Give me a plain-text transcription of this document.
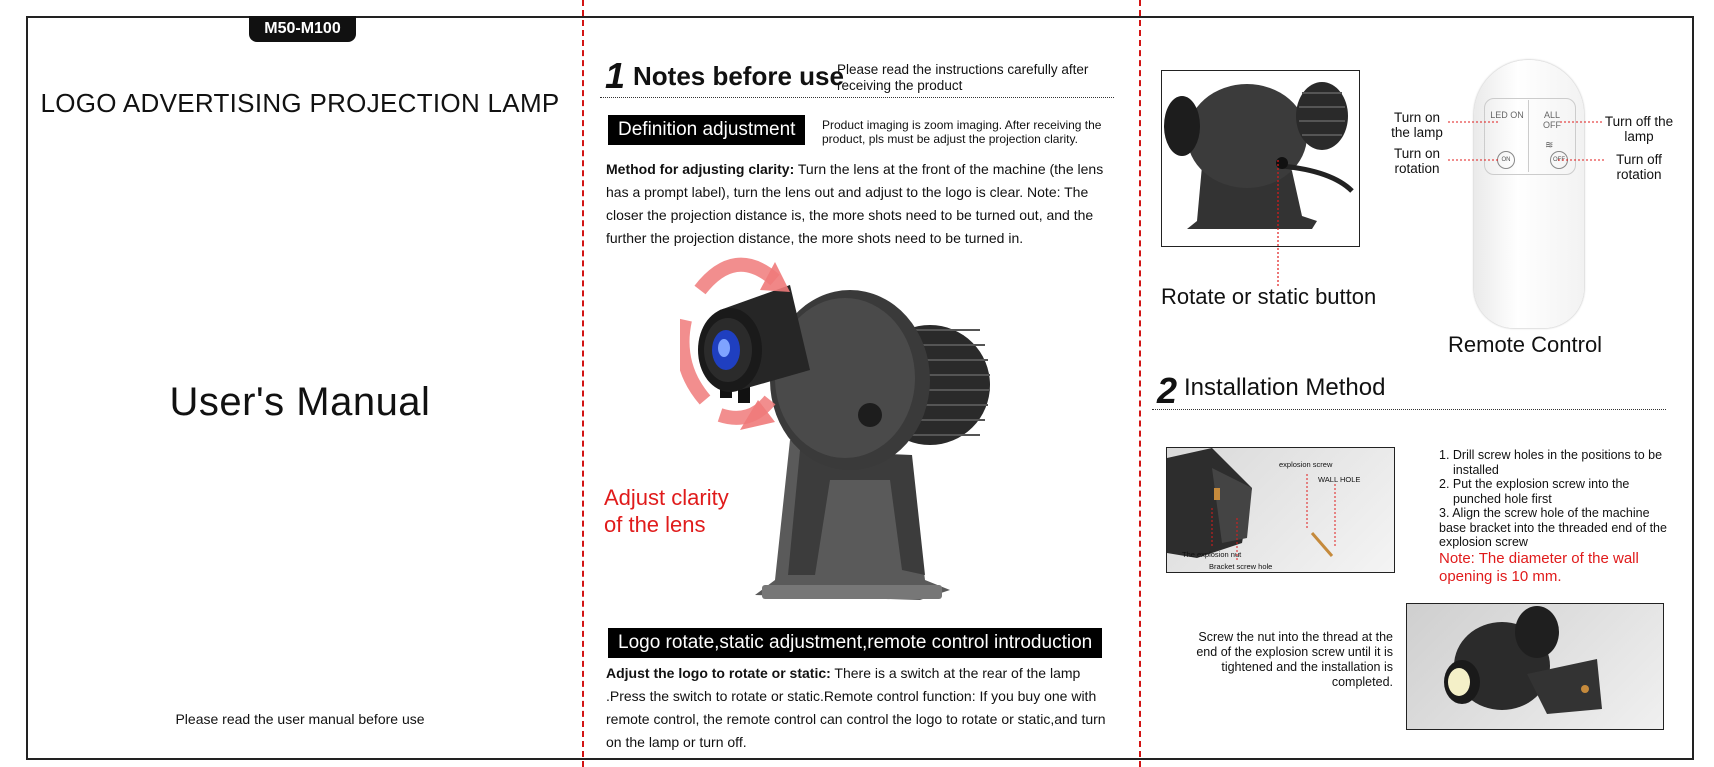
M50-M100
LOGO ADVERTISING PROJECTION LAMP
User's Manual
Please read the user manual before use
1 Notes before use
Please read the instructions carefully after receiving the product
Definition adjustment	Product imaging is zoom imaging. After receiving the product, pls must be adjust the projection clarity.
Method for adjusting clarity: Turn the lens at the front of the machine (the lens has a prompt label), turn the lens out and adjust to the logo is clear. Note: The closer the projection distance is, the more shots need to be turned out, and the further the projection distance, the more shots need to be turned in.
Adjust clarity
of the lens
Logo rotate,static adjustment,remote control introduction
Adjust the logo to rotate or static: There is a switch at the rear of the lamp .Press the switch to rotate or static.Remote control function: If you buy one with remote control, the remote control can control the logo to rotate or static,and turn on the lamp or turn off.
Rotate or static button
LED ON	ALL OFF
ON	OFF
≋
Turn on the lamp
Turn off the lamp
Turn on rotation
Turn off rotation
Remote Control
2 Installation Method
explosion screw
WALL HOLE
The explosion nut
Bracket screw hole
1. Drill screw holes in the positions to be installed
2. Put the explosion screw into the punched hole first
3. Align the screw hole of the machine base bracket into the threaded end of the explosion screw
Note: The diameter of the wall opening is 10 mm.
Screw the nut into the thread at the end of the explosion screw until it is tightened and the installation is completed.
